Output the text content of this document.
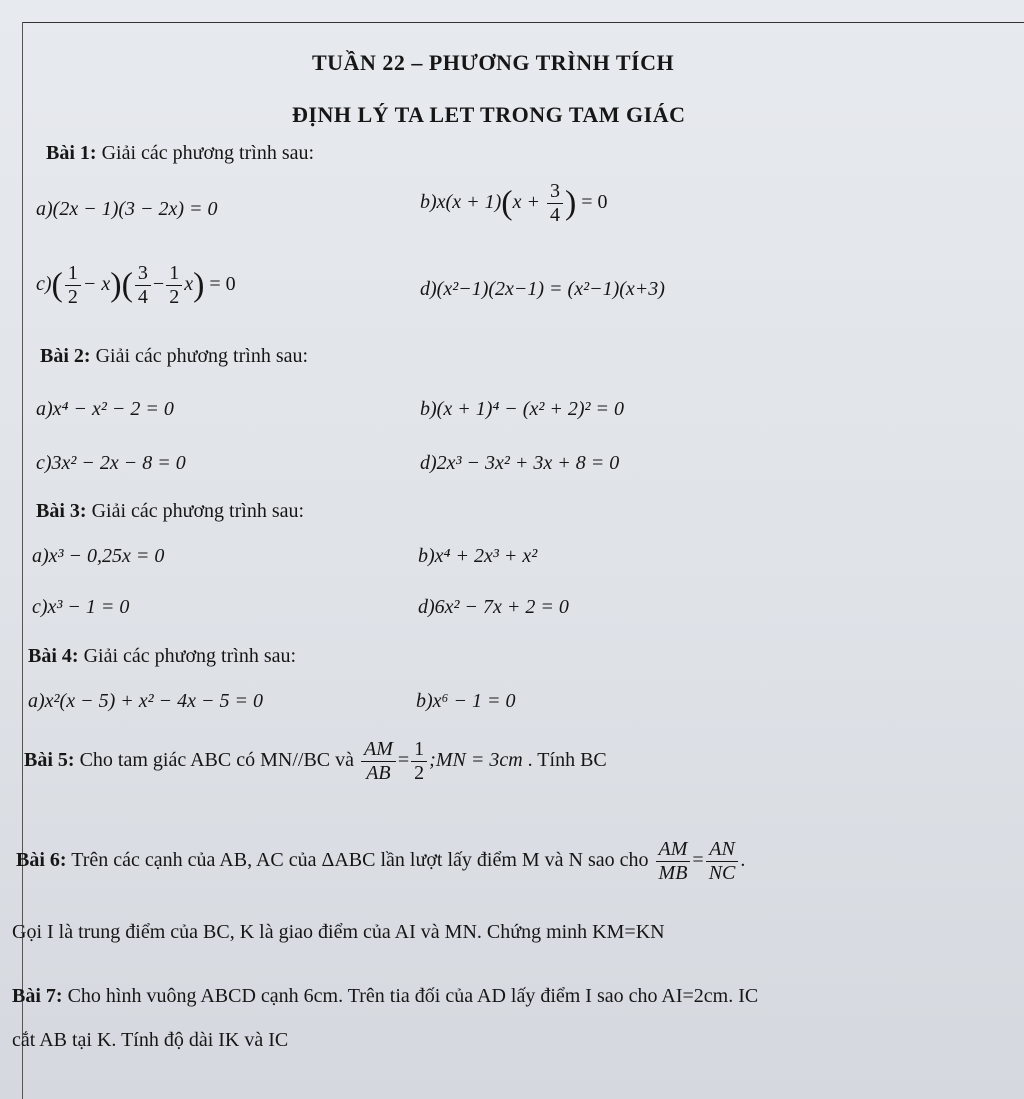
TUẦN 22 – PHƯƠNG TRÌNH TÍCH
ĐỊNH LÝ TA LET TRONG TAM GIÁC
Bài 1: Giải các phương trình sau:
a)(2x − 1)(3 − 2x) = 0	$b)x(x + 1)(x + \frac{3}{4}$ ) = 0
$c)( \frac{1}{2} - x)( \frac{3}{4} - \frac{1}{2} x) = 0$	d)(x²−1)(2x−1) = (x²−1)(x+3)
Bài 2: Giải các phương trình sau:
a)x⁴ − x² − 2 = 0	b)(x + 1)⁴ − (x² + 2)² = 0
c)3x² − 2x − 8 = 0	d)2x³ − 3x² + 3x + 8 = 0
Bài 3: Giải các phương trình sau:
a)x³ − 0,25x = 0	b)x⁴ + 2x³ + x²
c)x³ − 1 = 0	d)6x² − 7x + 2 = 0
Bài 4: Giải các phương trình sau:
a)x²(x − 5) + x² − 4x − 5 = 0	b)x⁶ − 1 = 0
Bài 5: Cho tam giác ABC có MN//BC và $\frac{AM}{AB} = \frac{1}{2}$ ;MN = 3cm . Tính BC
Bài 6: Trên các cạnh của AB, AC của ΔABC lần lượt lấy điểm M và N sao cho $\frac{AM}{MB} = \frac{AN}{NC}$ .
Gọi I là trung điểm của BC, K là giao điểm của AI và MN. Chứng minh KM=KN
Bài 7: Cho hình vuông ABCD cạnh 6cm. Trên tia đối của AD lấy điểm I sao cho AI=2cm. IC
cắt AB tại K. Tính độ dài IK và IC
